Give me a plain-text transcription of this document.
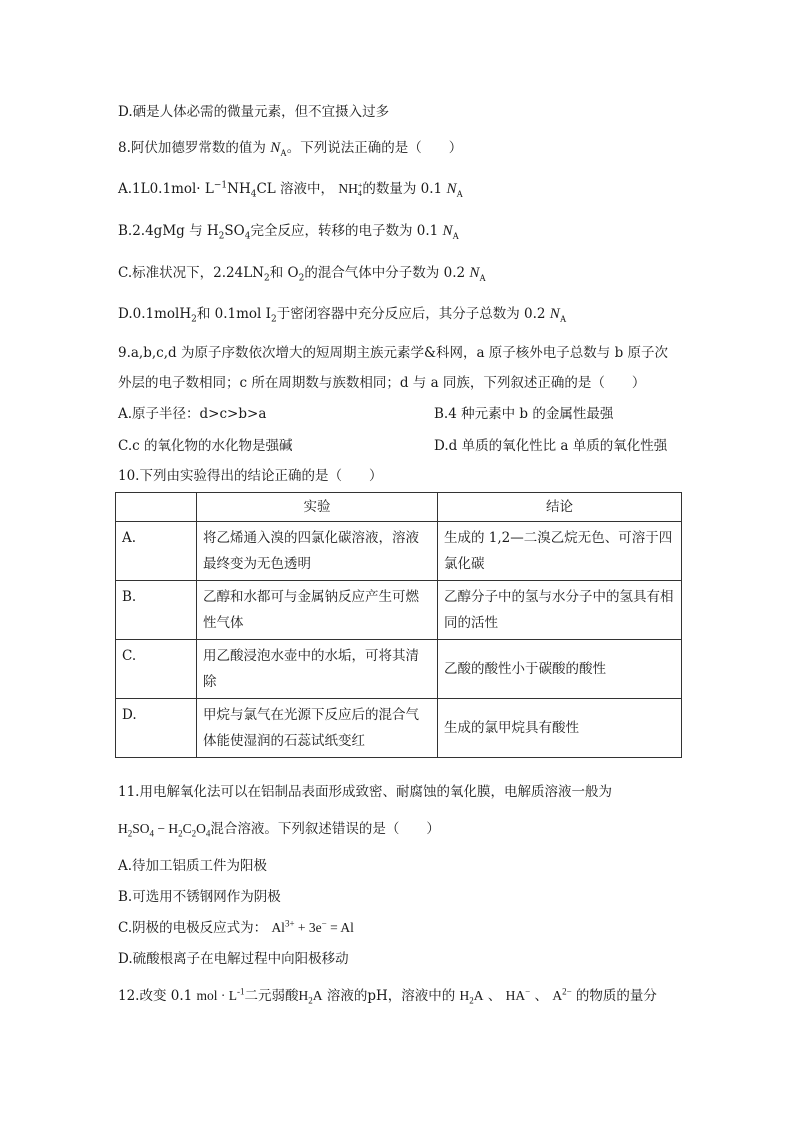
D.硒是人体必需的微量元素，但不宜摄入过多
8.阿伏加德罗常数的值为 $N_A$。下列说法正确的是（　　）
$A.1L0.1mol\cdot L^{-1}NH_4CL$ 溶液中， NH +
4 的数量为 0.1 $N_A$
B.2.4gMg 与 $H_2SO_4$完全反应，转移的电子数为 0.1 $N_A$
C.标准状况下，$2.24LN_2$和 $O_2$的混合气体中分子数为 0.2 $N_A$
D.0.1molH$_2$和 0.1mol $I_2$于密闭容器中充分反应后，其分子总数为 0.2 $N_A$
9.a,b,c,d 为原子序数依次增大的短周期主族元素学&科网，a 原子核外电子总数与 b 原子次
外层的电子数相同；c 所在周期数与族数相同；d 与 a 同族，下列叙述正确的是（　　）
A.原子半径：d>c>b>a	B.4 种元素中 b 的金属性最强
C.c 的氧化物的水化物是强碱	D.d 单质的氧化性比 a 单质的氧化性强
10.下列由实验得出的结论正确的是（　　）
	实验	结论
A.	将乙烯通入溴的四氯化碳溶液，溶液最终变为无色透明	生成的 1,2—二溴乙烷无色、可溶于四氯化碳
B.	乙醇和水都可与金属钠反应产生可燃性气体	乙醇分子中的氢与水分子中的氢具有相同的活性
C.	用乙酸浸泡水壶中的水垢，可将其清除	乙酸的酸性小于碳酸的酸性
D.	甲烷与氯气在光源下反应后的混合气体能使湿润的石蕊试纸变红	生成的氯甲烷具有酸性
11.用电解氧化法可以在铝制品表面形成致密、耐腐蚀的氧化膜，电解质溶液一般为
$H_2SO_4 - H_2C_2O_4$混合溶液。下列叙述错误的是（　　）
A.待加工铝质工件为阳极
B.可选用不锈钢网作为阴极
C.阴极的电极反应式为： $Al^{3+} + 3e^- = Al$
D.硫酸根离子在电解过程中向阳极移动
12.改变 0.1 mol · $L^{-1}$二元弱酸$H_2A$ 溶液的pH，溶液中的 $H_2A$ 、 HA− 、 $A^{2-}$ 的物质的量分
